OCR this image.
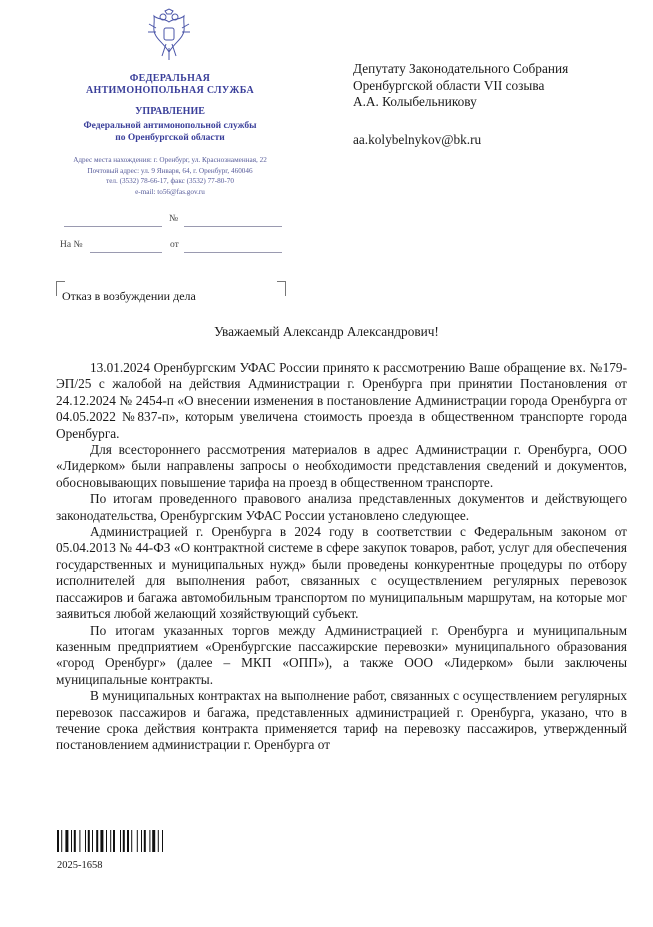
ФЕДЕРАЛЬНАЯ
АНТИМОНОПОЛЬНАЯ СЛУЖБА
УПРАВЛЕНИЕ
Федеральной антимонопольной службы
по Оренбургской области
Адрес места нахождения: г. Оренбург, ул. Краснознаменная, 22
Почтовый адрес: ул. 9 Января, 64, г. Оренбург, 460046
тел. (3532) 78-66-17, факс (3532) 77-80-70
e-mail: to56@fas.gov.ru
№
На №	от
Депутату Законодательного Собрания
Оренбургской области VII созыва
А.А. Колыбельникову
aa.kolybelnykov@bk.ru
Отказ в возбуждении дела
Уважаемый Александр Александрович!

13.01.2024 Оренбургским УФАС России принято к рассмотрению Ваше обращение вх. №179-ЭП/25 с жалобой на действия Администрации г. Оренбурга при принятии Постановления от 24.12.2024 № 2454-п «О внесении изменения в постановление Администрации города Оренбурга от 04.05.2022 №837-п», которым увеличена стоимость проезда в общественном транспорте города Оренбурга.

Для всестороннего рассмотрения материалов в адрес Администрации г. Оренбурга, ООО «Лидерком» были направлены запросы о необходимости представления сведений и документов, обосновывающих повышение тарифа на проезд в общественном транспорте.

По итогам проведенного правового анализа представленных документов и действующего законодательства, Оренбургским УФАС России установлено следующее.

Администрацией г. Оренбурга в 2024 году в соответствии с Федеральным законом от 05.04.2013 № 44-ФЗ «О контрактной системе в сфере закупок товаров, работ, услуг для обеспечения государственных и муниципальных нужд» были проведены конкурентные процедуры по отбору исполнителей для выполнения работ, связанных с осуществлением регулярных перевозок пассажиров и багажа автомобильным транспортом по муниципальным маршрутам, на которые мог заявиться любой желающий хозяйствующий субъект.

По итогам указанных торгов между Администрацией г. Оренбурга и муниципальным казенным предприятием «Оренбургские пассажирские перевозки» муниципального образования «город Оренбург» (далее – МКП «ОПП»), а также ООО «Лидерком» были заключены муниципальные контракты.

В муниципальных контрактах на выполнение работ, связанных с осуществлением регулярных перевозок пассажиров и багажа, представленных администрацией г. Оренбурга, указано, что в течение срока действия контракта применяется тариф на перевозку пассажиров, утвержденный постановлением администрации г. Оренбурга от

2025-1658
